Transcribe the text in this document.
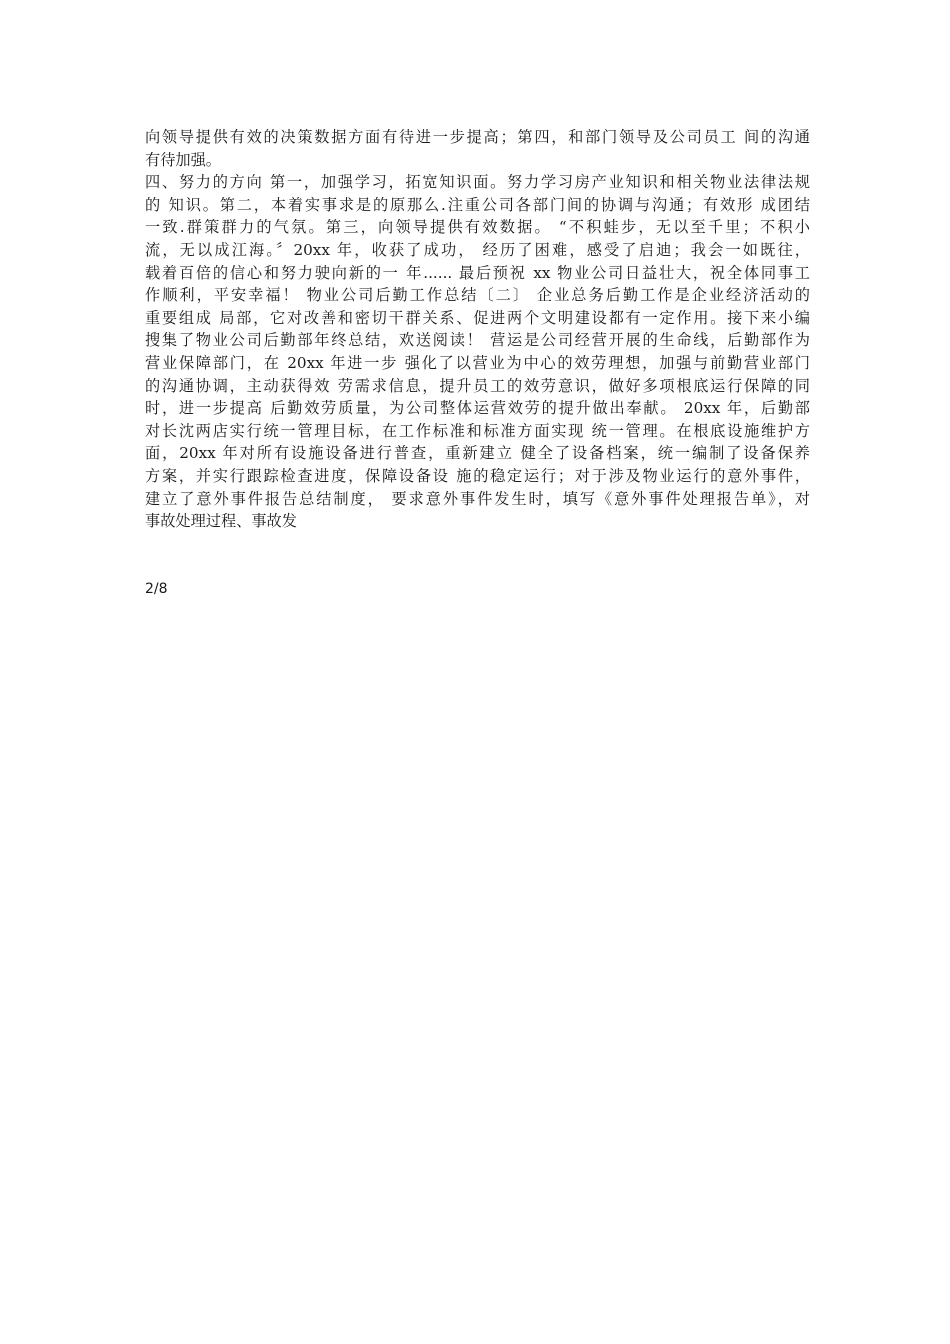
向领导提供有效的决策数据方面有待进一步提高；第四，和部门领导及公司员工 间的沟通
有待加强。
四、努力的方向 第一，加强学习，拓宽知识面。努力学习房产业知识和相关物业法律法规
的 知识。第二，本着实事求是的原那么.注重公司各部门间的协调与沟通；有效形 成团结
一致.群策群力的气氛。第三，向领导提供有效数据。 “不积蛙步，无以至千里；不积小
流，无以成江海。〞20xx 年，收获了成功， 经历了困难，感受了启迪；我会一如既往，
载着百倍的信心和努力驶向新的一 年...... 最后预祝 xx 物业公司日益壮大，祝全体同事工
作顺利，平安幸福！ 物业公司后勤工作总结〔二〕 企业总务后勤工作是企业经济活动的
重要组成 局部，它对改善和密切干群关系、促进两个文明建设都有一定作用。接下来小编
搜集了物业公司后勤部年终总结，欢送阅读！ 营运是公司经营开展的生命线，后勤部作为
营业保障部门，在 20xx 年进一步 强化了以营业为中心的效劳理想，加强与前勤营业部门
的沟通协调，主动获得效 劳需求信息，提升员工的效劳意识，做好多项根底运行保障的同
时，进一步提高 后勤效劳质量，为公司整体运营效劳的提升做出奉献。 20xx 年，后勤部
对长沈两店实行统一管理目标，在工作标准和标准方面实现 统一管理。在根底设施维护方
面，20xx 年对所有设施设备进行普查，重新建立 健全了设备档案，统一编制了设备保养
方案，并实行跟踪检查进度，保障设备设 施的稳定运行；对于涉及物业运行的意外事件，
建立了意外事件报告总结制度， 要求意外事件发生时，填写《意外事件处理报告单》，对
事故处理过程、事故发
2/8
